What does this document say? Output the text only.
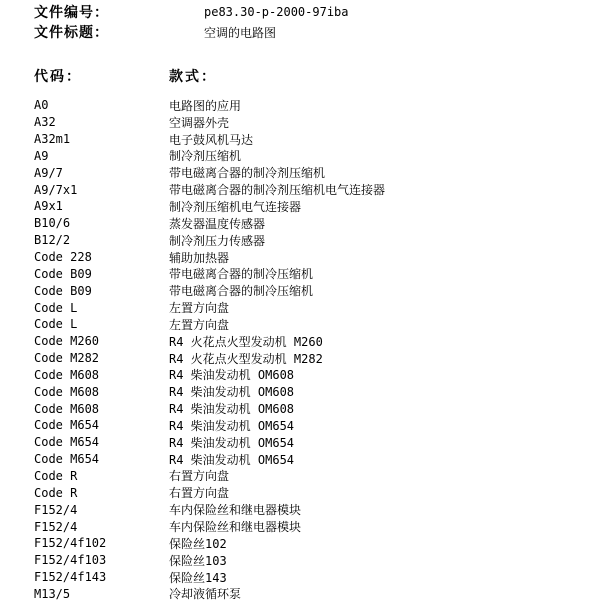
文件编号：	pe83.30-p-2000-97iba
文件标题：	空调的电路图
代码：	款式：
A0	电路图的应用
A32	空调器外壳
A32m1	电子鼓风机马达
A9	制冷剂压缩机
A9/7	带电磁离合器的制冷剂压缩机
A9/7x1	带电磁离合器的制冷剂压缩机电气连接器
A9x1	制冷剂压缩机电气连接器
B10/6	蒸发器温度传感器
B12/2	制冷剂压力传感器
Code 228	辅助加热器
Code B09	带电磁离合器的制冷压缩机
Code B09	带电磁离合器的制冷压缩机
Code L	左置方向盘
Code L	左置方向盘
Code M260	R4 火花点火型发动机 M260
Code M282	R4 火花点火型发动机 M282
Code M608	R4 柴油发动机 OM608
Code M608	R4 柴油发动机 OM608
Code M608	R4 柴油发动机 OM608
Code M654	R4 柴油发动机 OM654
Code M654	R4 柴油发动机 OM654
Code M654	R4 柴油发动机 OM654
Code R	右置方向盘
Code R	右置方向盘
F152/4	车内保险丝和继电器模块
F152/4	车内保险丝和继电器模块
F152/4f102	保险丝102
F152/4f103	保险丝103
F152/4f143	保险丝143
M13/5	冷却液循环泵
